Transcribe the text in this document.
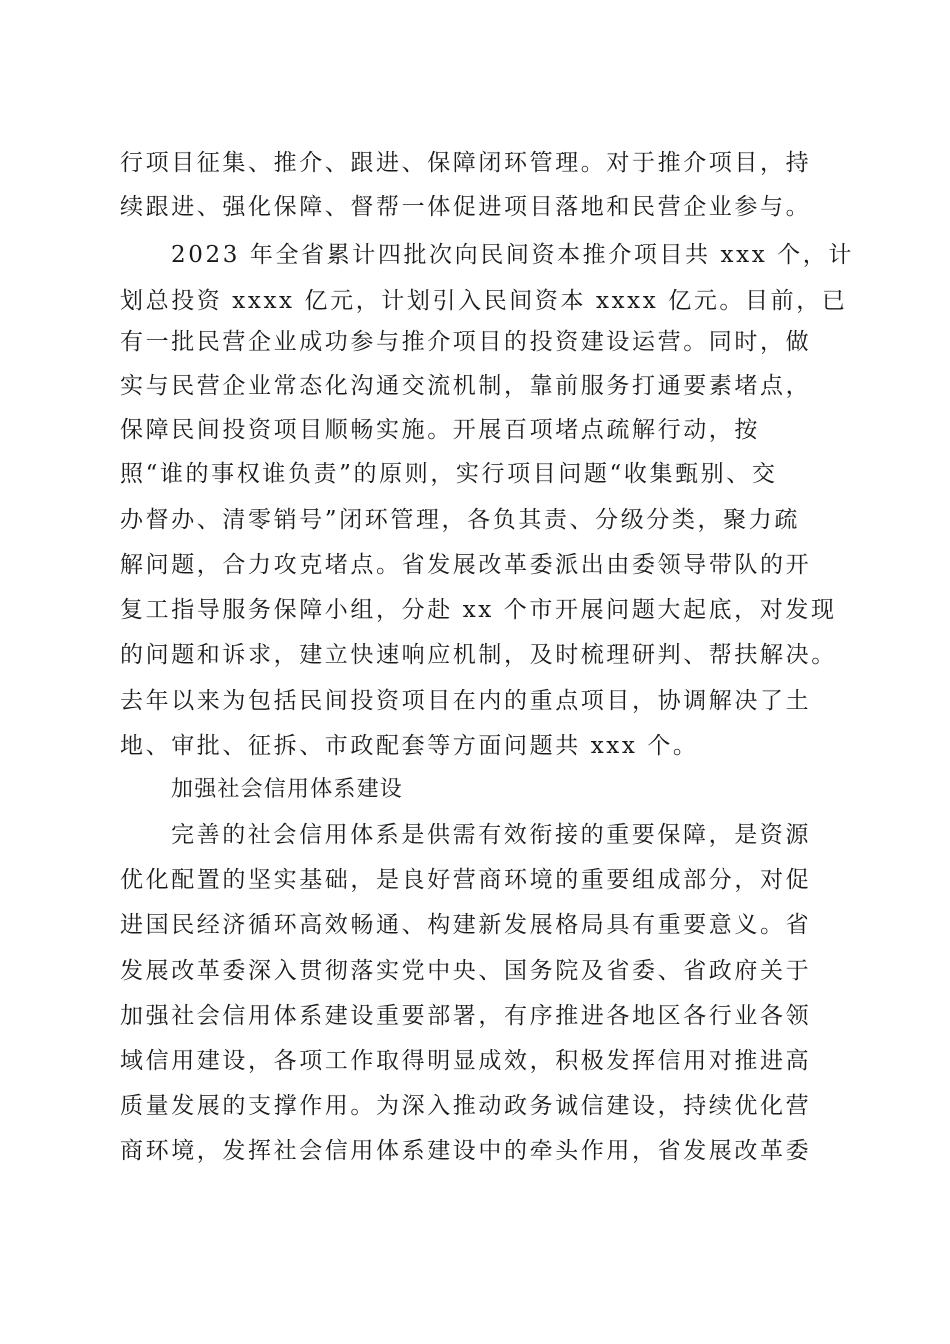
行项目征集、推介、跟进、保障闭环管理。对于推介项目，持
续跟进、强化保障、督帮一体促进项目落地和民营企业参与。
2023 年全省累计四批次向民间资本推介项目共 xxx 个，计
划总投资 xxxx 亿元，计划引入民间资本 xxxx 亿元。目前，已
有一批民营企业成功参与推介项目的投资建设运营。同时，做
实与民营企业常态化沟通交流机制，靠前服务打通要素堵点，
保障民间投资项目顺畅实施。开展百项堵点疏解行动，按
照“谁的事权谁负责”的原则，实行项目问题“收集甄别、交
办督办、清零销号”闭环管理，各负其责、分级分类，聚力疏
解问题，合力攻克堵点。省发展改革委派出由委领导带队的开
复工指导服务保障小组，分赴 xx 个市开展问题大起底，对发现
的问题和诉求，建立快速响应机制，及时梳理研判、帮扶解决。
去年以来为包括民间投资项目在内的重点项目，协调解决了土
地、审批、征拆、市政配套等方面问题共 xxx 个。
加强社会信用体系建设
完善的社会信用体系是供需有效衔接的重要保障，是资源
优化配置的坚实基础，是良好营商环境的重要组成部分，对促
进国民经济循环高效畅通、构建新发展格局具有重要意义。省
发展改革委深入贯彻落实党中央、国务院及省委、省政府关于
加强社会信用体系建设重要部署，有序推进各地区各行业各领
域信用建设，各项工作取得明显成效，积极发挥信用对推进高
质量发展的支撑作用。为深入推动政务诚信建设，持续优化营
商环境，发挥社会信用体系建设中的牵头作用，省发展改革委
